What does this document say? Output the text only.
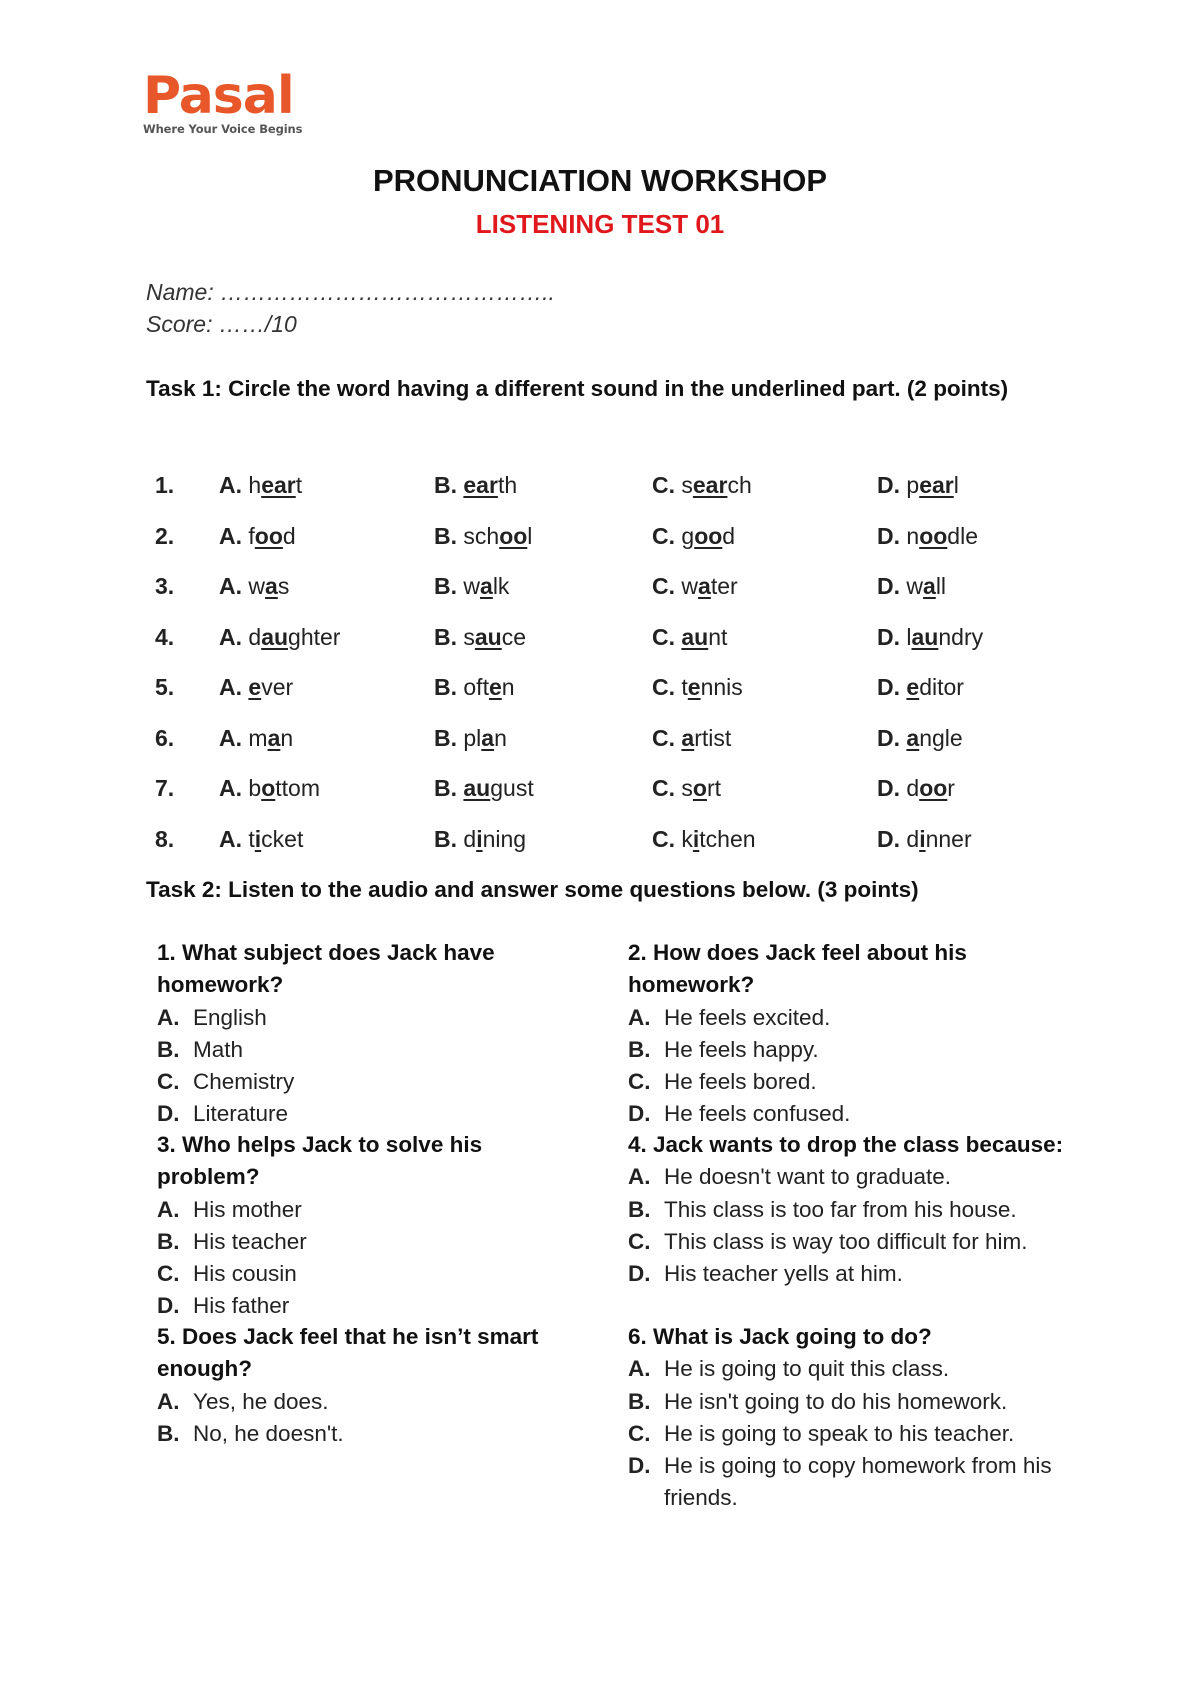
Pasal
Where Your Voice Begins
PRONUNCIATION WORKSHOP
LISTENING TEST 01
Name: ……………………………………..
Score: ……/10
Task 1: Circle the word having a different sound in the underlined part. (2 points)
1. A. heart	B. earth	C. search	D. pearl
2. A. food	B. school	C. good	D. noodle
3. A. was	B. walk	C. water	D. wall
4. A. daughter	B. sauce	C. aunt	D. laundry
5. A. ever	B. often	C. tennis	D. editor
6. A. man	B. plan	C. artist	D. angle
7. A. bottom	B. august	C. sort	D. door
8. A. ticket	B. dining	C. kitchen	D. dinner
Task 2: Listen to the audio and answer some questions below. (3 points)
1. What subject does Jack have homework?
A. English
B. Math
C. Chemistry
D. Literature
2. How does Jack feel about his homework?
A. He feels excited.
B. He feels happy.
C. He feels bored.
D. He feels confused.
3. Who helps Jack to solve his problem?
A. His mother
B. His teacher
C. His cousin
D. His father
4. Jack wants to drop the class because:
A. He doesn't want to graduate.
B. This class is too far from his house.
C. This class is way too difficult for him.
D. His teacher yells at him.
5. Does Jack feel that he isn’t smart enough?
A. Yes, he does.
B. No, he doesn't.
6. What is Jack going to do?
A. He is going to quit this class.
B. He isn't going to do his homework.
C. He is going to speak to his teacher.
D. He is going to copy homework from his friends.
